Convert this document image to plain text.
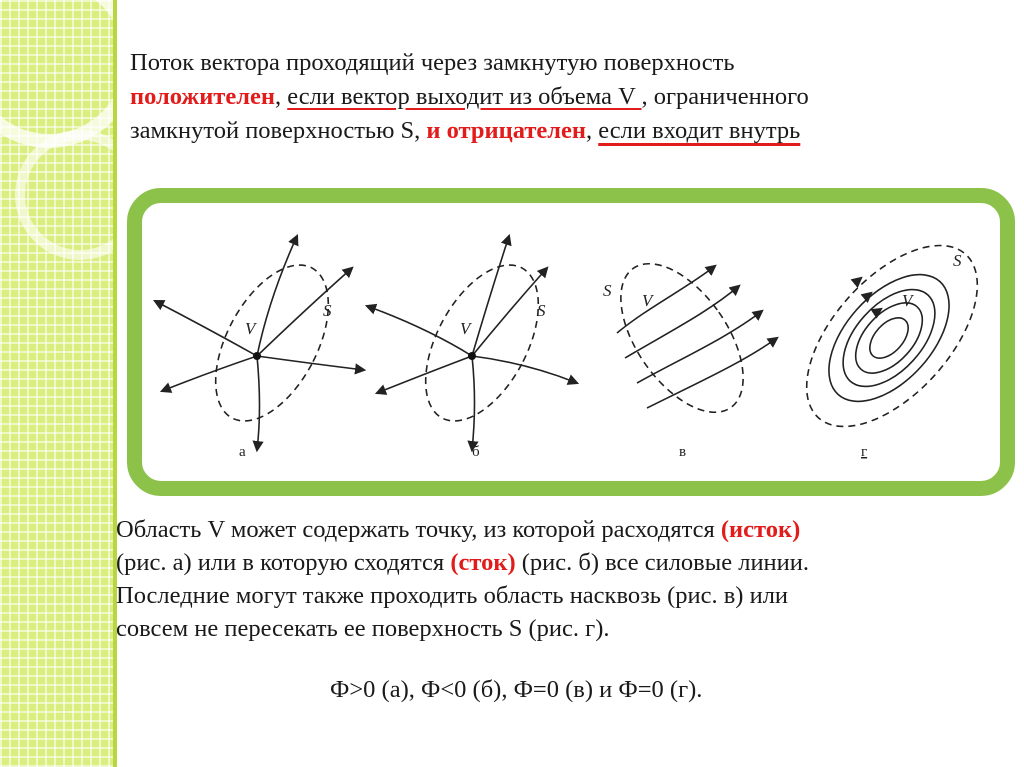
Поток вектора проходящий через замкнутую поверхность
положителен, если вектор выходит из объема V , ограниченного
замкнутой поверхностью S, и отрицателен, если входит внутрь
V
S
V
S
V
S
V
S
а	б	в	г
Область V может содержать точку, из которой расходятся (исток)
(рис. а) или в которую сходятся (сток) (рис. б) все силовые линии.
Последние могут также проходить область насквозь (рис. в) или
совсем не пересекать ее поверхность S (рис. г).
Ф>0 (а), Ф<0 (б), Ф=0 (в) и Ф=0 (г).
